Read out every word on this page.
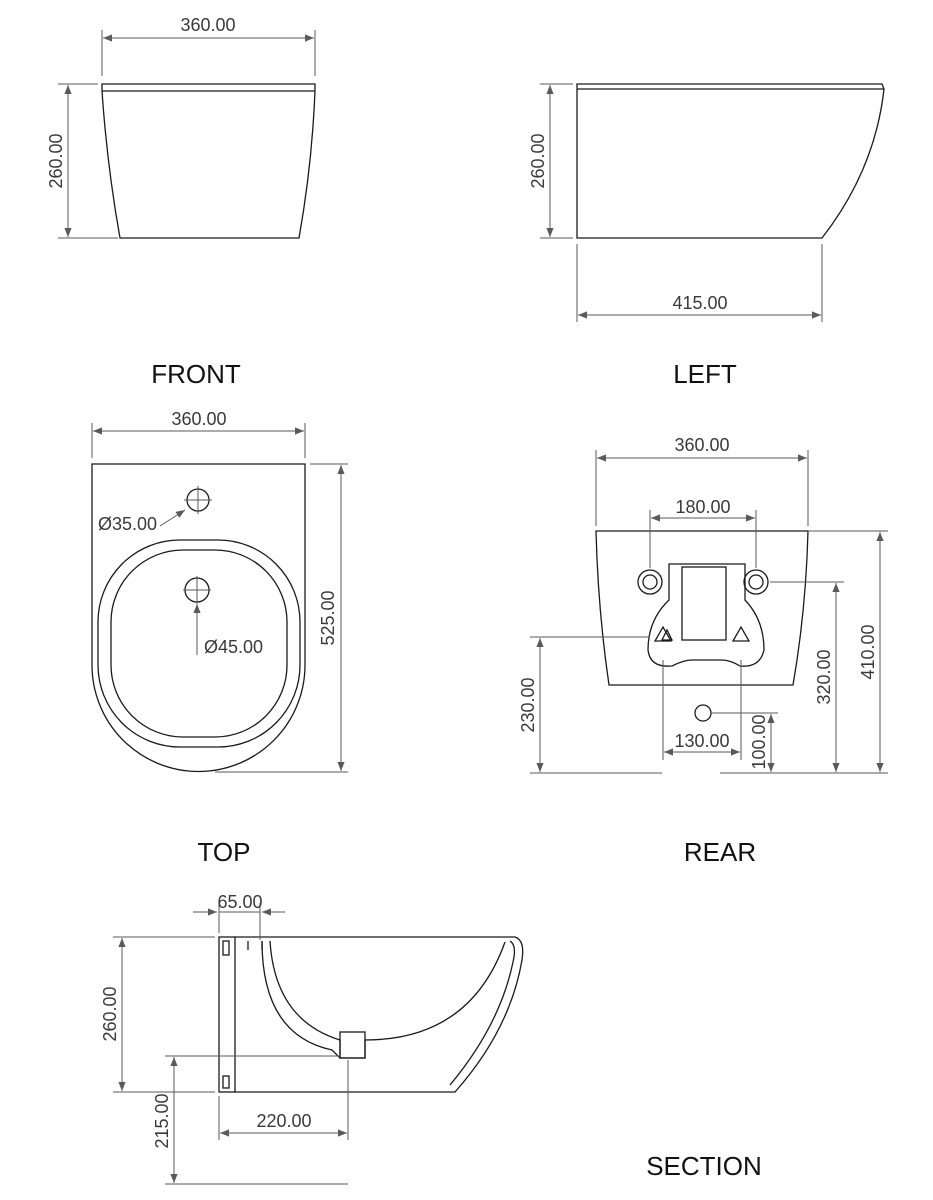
360.00
260.00
FRONT
260.00
415.00
LEFT
Ø35.00
Ø45.00
360.00
525.00
TOP
360.00
180.00
410.00
320.00
230.00
130.00 100.00
REAR
65.00
260.00
215.00	220.00
SECTION
